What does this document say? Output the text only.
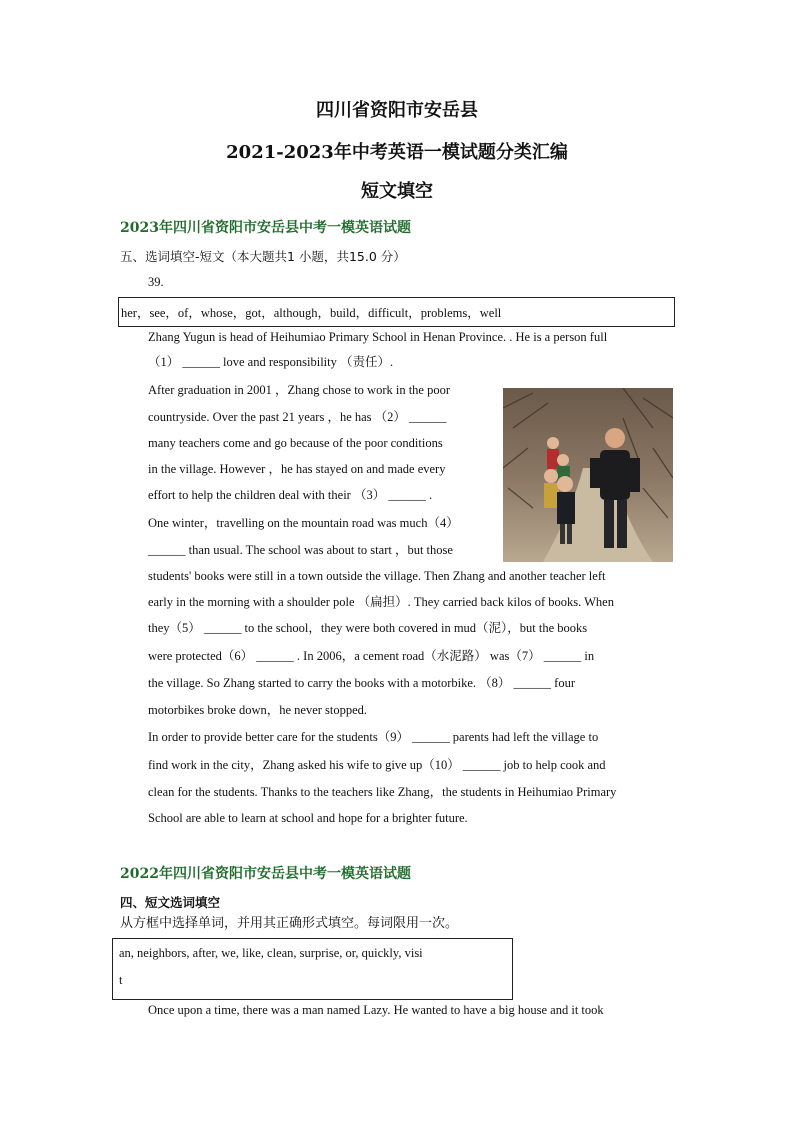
四川省资阳市安岳县
2021-2023年中考英语一模试题分类汇编
短文填空
2023年四川省资阳市安岳县中考一模英语试题
五、选词填空-短文（本大题共1 小题，共15.0 分）
39.
her，see，of，whose，got，although，build，difficult，problems，well
Zhang Yugun is head of Heihumiao Primary School in Henan Province. . He is a person full
（1） ______ love and responsibility （责任）.
After graduation in 2001 ，Zhang chose to work in the poor
countryside. Over the past 21 years ，he has （2） ______
many teachers come and go because of the poor conditions
in the village. However ，he has stayed on and made every
effort to help the children deal with their （3） ______ .
One winter，travelling on the mountain road was much（4）
______ than usual. The school was about to start ，but those
students' books were still in a town outside the village. Then Zhang and another teacher left
early in the morning with a shoulder pole （扁担）. They carried back kilos of books. When
they（5） ______ to the school，they were both covered in mud（泥），but the books
were protected（6） ______ . In 2006，a cement road（水泥路） was（7） ______ in
the village. So Zhang started to carry the books with a motorbike. （8） ______ four
motorbikes broke down，he never stopped.
In order to provide better care for the students（9） ______ parents had left the village to
find work in the city，Zhang asked his wife to give up（10） ______ job to help cook and
clean for the students. Thanks to the teachers like Zhang，the students in Heihumiao Primary
School are able to learn at school and hope for a brighter future.
2022年四川省资阳市安岳县中考一模英语试题
四、短文选词填空
从方框中选择单词，并用其正确形式填空。每词限用一次。
an, neighbors, after, we, like, clean, surprise, or, quickly, visi
t
Once upon a time, there was a man named Lazy. He wanted to have a big house and it took
